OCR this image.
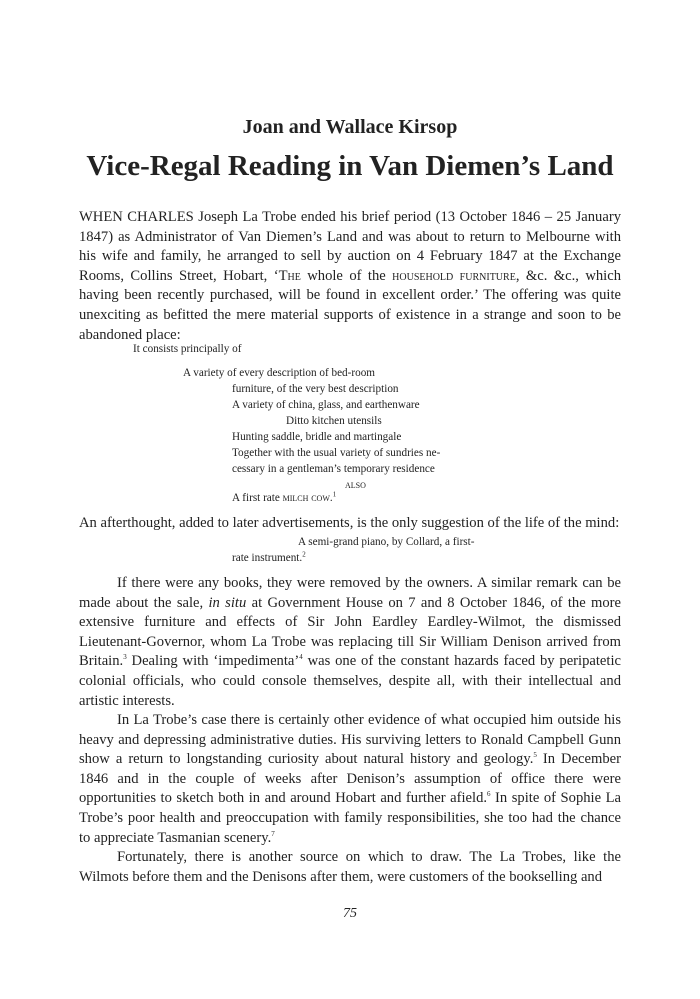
Joan and Wallace Kirsop
Vice-Regal Reading in Van Diemen’s Land
WHEN CHARLES Joseph La Trobe ended his brief period (13 October 1846 – 25 January 1847) as Administrator of Van Diemen’s Land and was about to return to Melbourne with his wife and family, he arranged to sell by auction on 4 February 1847 at the Exchange Rooms, Collins Street, Hobart, ‘The whole of the household furniture, &c. &c., which having been recently purchased, will be found in excellent order.’ The offering was quite unexciting as befitted the mere material supports of existence in a strange and soon to be abandoned place:
It consists principally of
A variety of every description of bed-room
furniture, of the very best description
A variety of china, glass, and earthenware
Ditto kitchen utensils
Hunting saddle, bridle and martingale
Together with the usual variety of sundries ne-
cessary in a gentleman’s temporary residence
ALSO
A first rate milch cow.$^1$
An afterthought, added to later advertisements, is the only suggestion of the life of the mind:
A semi-grand piano, by Collard, a first-
rate instrument.$^2$
If there were any books, they were removed by the owners. A similar remark can be made about the sale, in situ at Government House on 7 and 8 October 1846, of the more extensive furniture and effects of Sir John Eardley Eardley-Wilmot, the dismissed Lieutenant-Governor, whom La Trobe was replacing till Sir William Denison arrived from Britain.$^3$ Dealing with ‘impedimenta’$^4$ was one of the constant hazards faced by peripatetic colonial officials, who could console themselves, despite all, with their intellectual and artistic interests.
In La Trobe’s case there is certainly other evidence of what occupied him outside his heavy and depressing administrative duties. His surviving letters to Ronald Campbell Gunn show a return to longstanding curiosity about natural history and geology.$^5$ In December 1846 and in the couple of weeks after Denison’s assumption of office there were opportunities to sketch both in and around Hobart and further afield.$^6$ In spite of Sophie La Trobe’s poor health and preoccupation with family responsibilities, she too had the chance to appreciate Tasmanian scenery.$^7$
Fortunately, there is another source on which to draw. The La Trobes, like the Wilmots before them and the Denisons after them, were customers of the bookselling and
75
